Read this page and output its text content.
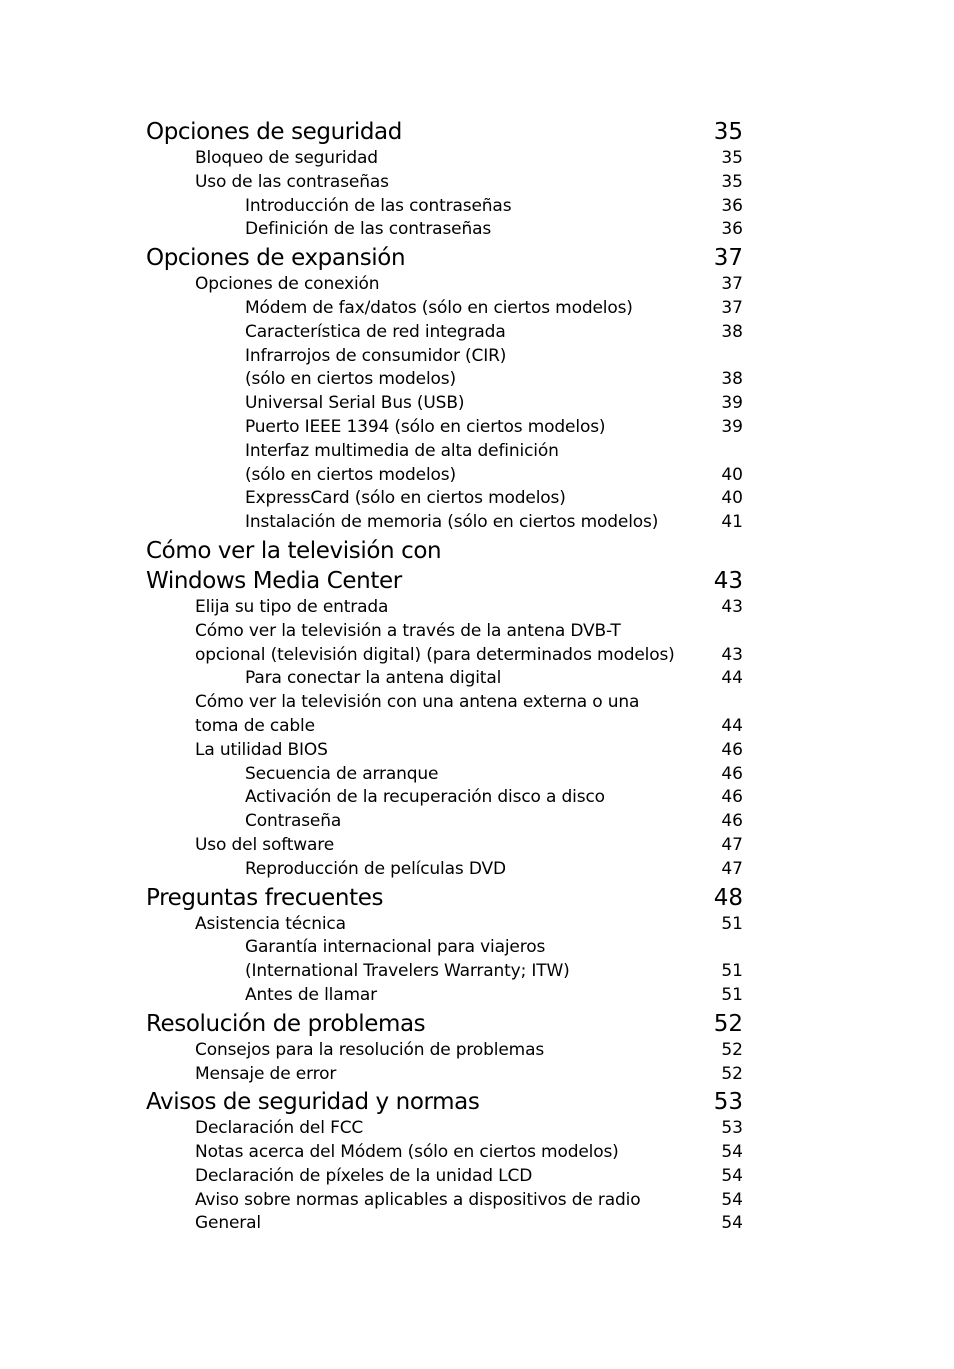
Opciones de seguridad	35
Bloqueo de seguridad	35
Uso de las contraseñas	35
Introducción de las contraseñas	36
Definición de las contraseñas	36
Opciones de expansión	37
Opciones de conexión	37
Módem de fax/datos (sólo en ciertos modelos)	37
Característica de red integrada	38
Infrarrojos de consumidor (CIR)
(sólo en ciertos modelos)	38
Universal Serial Bus (USB)	39
Puerto IEEE 1394 (sólo en ciertos modelos)	39
Interfaz multimedia de alta definición
(sólo en ciertos modelos)	40
ExpressCard (sólo en ciertos modelos)	40
Instalación de memoria (sólo en ciertos modelos)	41
Cómo ver la televisión con
Windows Media Center	43
Elija su tipo de entrada	43
Cómo ver la televisión a través de la antena DVB-T
opcional (televisión digital) (para determinados modelos)	43
Para conectar la antena digital	44
Cómo ver la televisión con una antena externa o una
toma de cable	44
La utilidad BIOS	46
Secuencia de arranque	46
Activación de la recuperación disco a disco	46
Contraseña	46
Uso del software	47
Reproducción de películas DVD	47
Preguntas frecuentes	48
Asistencia técnica	51
Garantía internacional para viajeros
(International Travelers Warranty; ITW)	51
Antes de llamar	51
Resolución de problemas	52
Consejos para la resolución de problemas	52
Mensaje de error	52
Avisos de seguridad y normas	53
Declaración del FCC	53
Notas acerca del Módem (sólo en ciertos modelos)	54
Declaración de píxeles de la unidad LCD	54
Aviso sobre normas aplicables a dispositivos de radio	54
General	54
